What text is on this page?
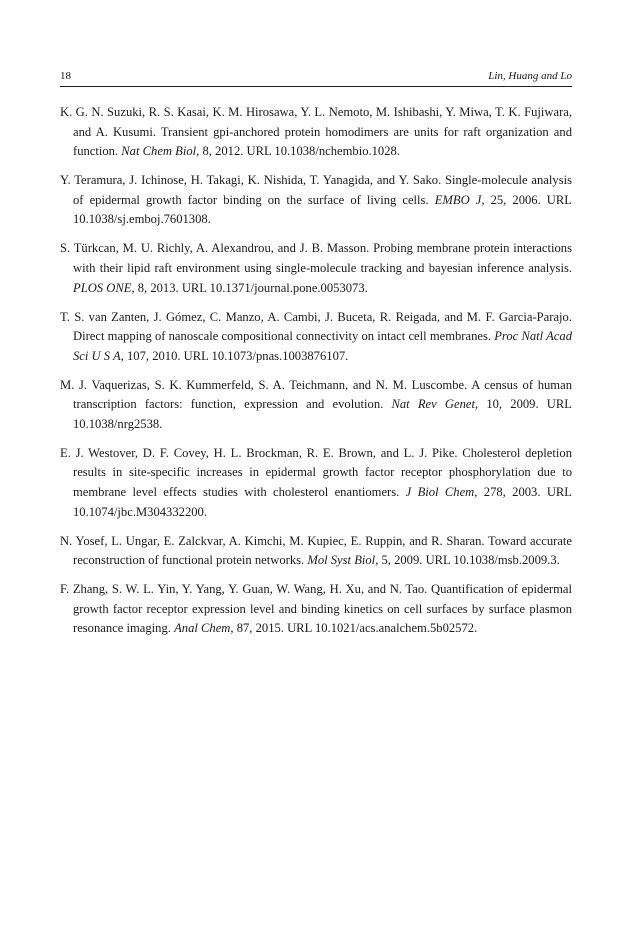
18	Lin, Huang and Lo
K. G. N. Suzuki, R. S. Kasai, K. M. Hirosawa, Y. L. Nemoto, M. Ishibashi, Y. Miwa, T. K. Fujiwara, and A. Kusumi. Transient gpi-anchored protein homodimers are units for raft organization and function. Nat Chem Biol, 8, 2012. URL 10.1038/nchembio.1028.
Y. Teramura, J. Ichinose, H. Takagi, K. Nishida, T. Yanagida, and Y. Sako. Single-molecule analysis of epidermal growth factor binding on the surface of living cells. EMBO J, 25, 2006. URL 10.1038/sj.emboj.7601308.
S. Türkcan, M. U. Richly, A. Alexandrou, and J. B. Masson. Probing membrane protein interactions with their lipid raft environment using single-molecule tracking and bayesian inference analysis. PLOS ONE, 8, 2013. URL 10.1371/journal.pone.0053073.
T. S. van Zanten, J. Gómez, C. Manzo, A. Cambi, J. Buceta, R. Reigada, and M. F. Garcia-Parajo. Direct mapping of nanoscale compositional connectivity on intact cell membranes. Proc Natl Acad Sci U S A, 107, 2010. URL 10.1073/pnas.1003876107.
M. J. Vaquerizas, S. K. Kummerfeld, S. A. Teichmann, and N. M. Luscombe. A census of human transcription factors: function, expression and evolution. Nat Rev Genet, 10, 2009. URL 10.1038/nrg2538.
E. J. Westover, D. F. Covey, H. L. Brockman, R. E. Brown, and L. J. Pike. Cholesterol depletion results in site-specific increases in epidermal growth factor receptor phosphorylation due to membrane level effects studies with cholesterol enantiomers. J Biol Chem, 278, 2003. URL 10.1074/jbc.M304332200.
N. Yosef, L. Ungar, E. Zalckvar, A. Kimchi, M. Kupiec, E. Ruppin, and R. Sharan. Toward accurate reconstruction of functional protein networks. Mol Syst Biol, 5, 2009. URL 10.1038/msb.2009.3.
F. Zhang, S. W. L. Yin, Y. Yang, Y. Guan, W. Wang, H. Xu, and N. Tao. Quantification of epidermal growth factor receptor expression level and binding kinetics on cell surfaces by surface plasmon resonance imaging. Anal Chem, 87, 2015. URL 10.1021/acs.analchem.5b02572.
